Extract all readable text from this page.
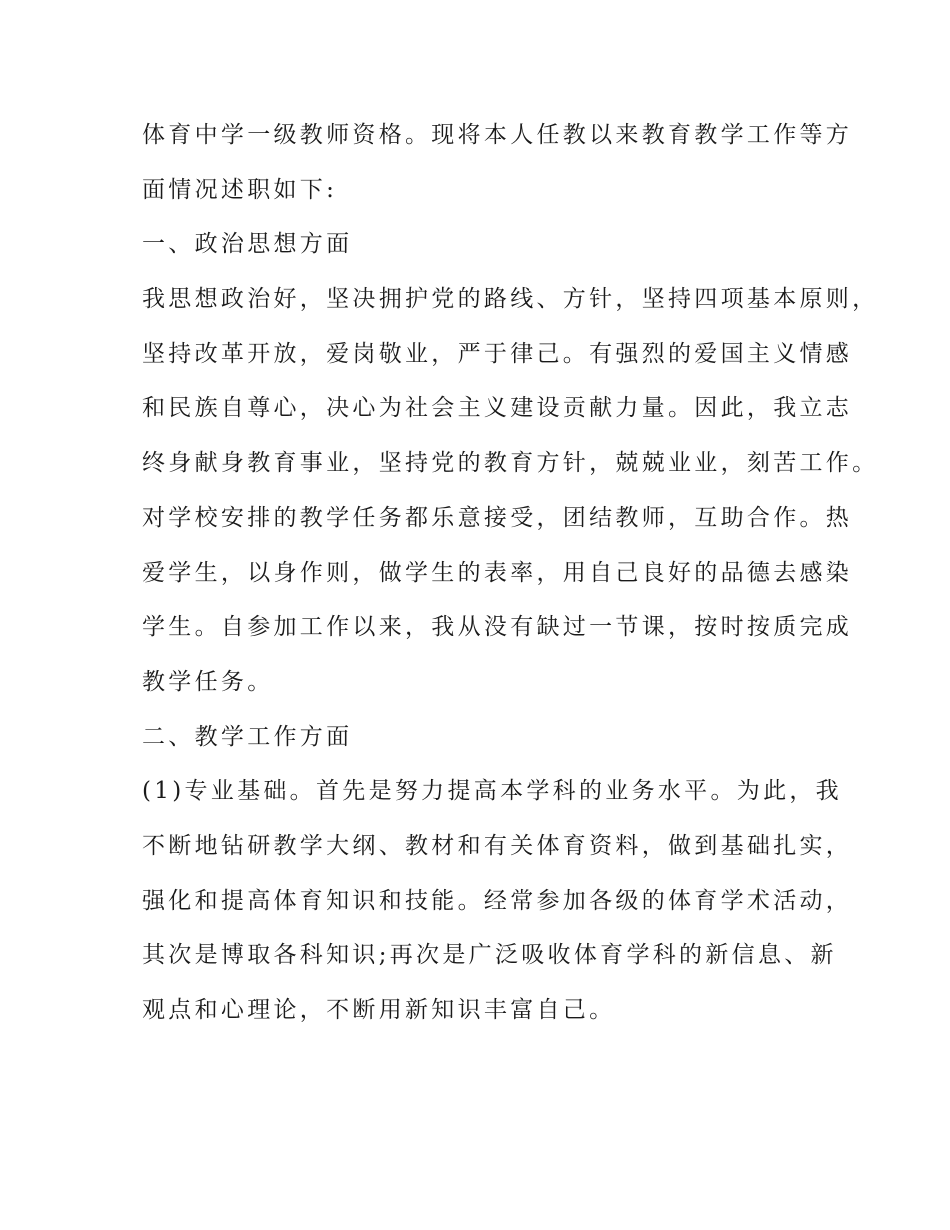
体育中学一级教师资格。现将本人任教以来教育教学工作等方
面情况述职如下:
一、政治思想方面
我思想政治好，坚决拥护党的路线、方针，坚持四项基本原则，
坚持改革开放，爱岗敬业，严于律己。有强烈的爱国主义情感
和民族自尊心，决心为社会主义建设贡献力量。因此，我立志
终身献身教育事业，坚持党的教育方针，兢兢业业，刻苦工作。
对学校安排的教学任务都乐意接受，团结教师，互助合作。热
爱学生，以身作则，做学生的表率，用自己良好的品德去感染
学生。自参加工作以来，我从没有缺过一节课，按时按质完成
教学任务。
二、教学工作方面
(1)专业基础。首先是努力提高本学科的业务水平。为此，我
不断地钻研教学大纲、教材和有关体育资料，做到基础扎实，
强化和提高体育知识和技能。经常参加各级的体育学术活动，
其次是博取各科知识;再次是广泛吸收体育学科的新信息、新
观点和心理论，不断用新知识丰富自己。
